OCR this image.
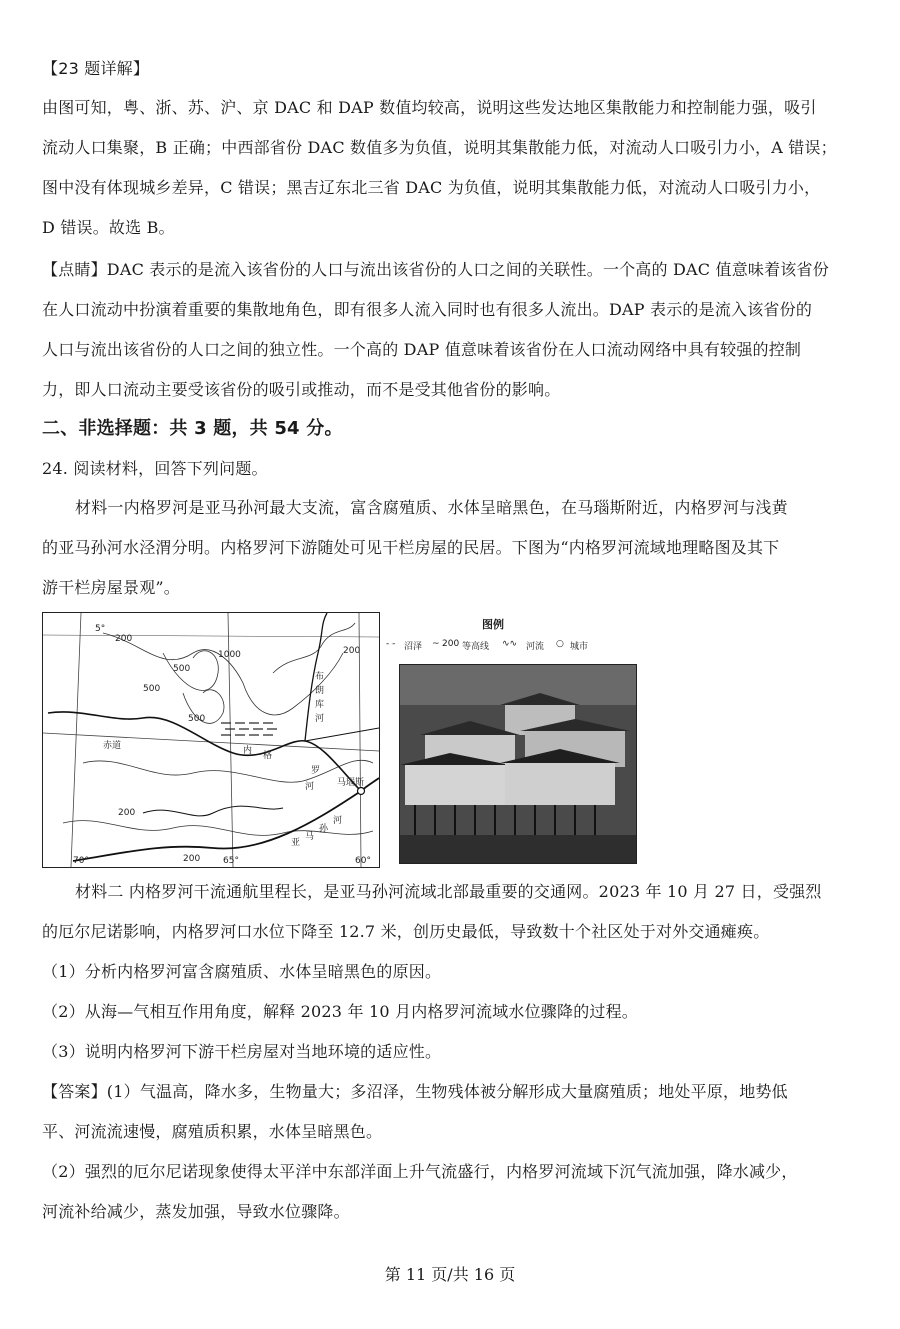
【23 题详解】
由图可知，粤、浙、苏、沪、京 DAC 和 DAP 数值均较高，说明这些发达地区集散能力和控制能力强，吸引
流动人口集聚，B 正确；中西部省份 DAC 数值多为负值，说明其集散能力低，对流动人口吸引力小，A 错误；
图中没有体现城乡差异，C 错误；黑吉辽东北三省 DAC 为负值，说明其集散能力低，对流动人口吸引力小，
D 错误。故选 B。
【点睛】DAC 表示的是流入该省份的人口与流出该省份的人口之间的关联性。一个高的 DAC 值意味着该省份
在人口流动中扮演着重要的集散地角色，即有很多人流入同时也有很多人流出。DAP 表示的是流入该省份的
人口与流出该省份的人口之间的独立性。一个高的 DAP 值意味着该省份在人口流动网络中具有较强的控制
力，即人口流动主要受该省份的吸引或推动，而不是受其他省份的影响。
二、非选择题：共 3 题，共 54 分。
24. 阅读材料，回答下列问题。
材料一内格罗河是亚马孙河最大支流，富含腐殖质、水体呈暗黑色，在马瑙斯附近，内格罗河与浅黄
的亚马孙河水泾渭分明。内格罗河下游随处可见干栏房屋的民居。下图为“内格罗河流域地理略图及其下
游干栏房屋景观”。
5°
200
500
1000
500
500
200
200
200
赤道	内 格
罗
河
布
朗
库
河
马瑙斯
亚
马
孙
河
70°	65°	60°
图例
- - 沼泽 ~ 200 等高线 ∿∿ 河流 ○ 城市
材料二 内格罗河干流通航里程长，是亚马孙河流域北部最重要的交通网。2023 年 10 月 27 日，受强烈
的厄尔尼诺影响，内格罗河口水位下降至 12.7 米，创历史最低，导致数十个社区处于对外交通瘫痪。
（1）分析内格罗河富含腐殖质、水体呈暗黑色的原因。
（2）从海—气相互作用角度，解释 2023 年 10 月内格罗河流域水位骤降的过程。
（3）说明内格罗河下游干栏房屋对当地环境的适应性。
【答案】(1）气温高，降水多，生物量大；多沼泽，生物残体被分解形成大量腐殖质；地处平原，地势低
平、河流流速慢，腐殖质积累，水体呈暗黑色。
（2）强烈的厄尔尼诺现象使得太平洋中东部洋面上升气流盛行，内格罗河流域下沉气流加强，降水减少，
河流补给减少，蒸发加强，导致水位骤降。
第 11 页/共 16 页
